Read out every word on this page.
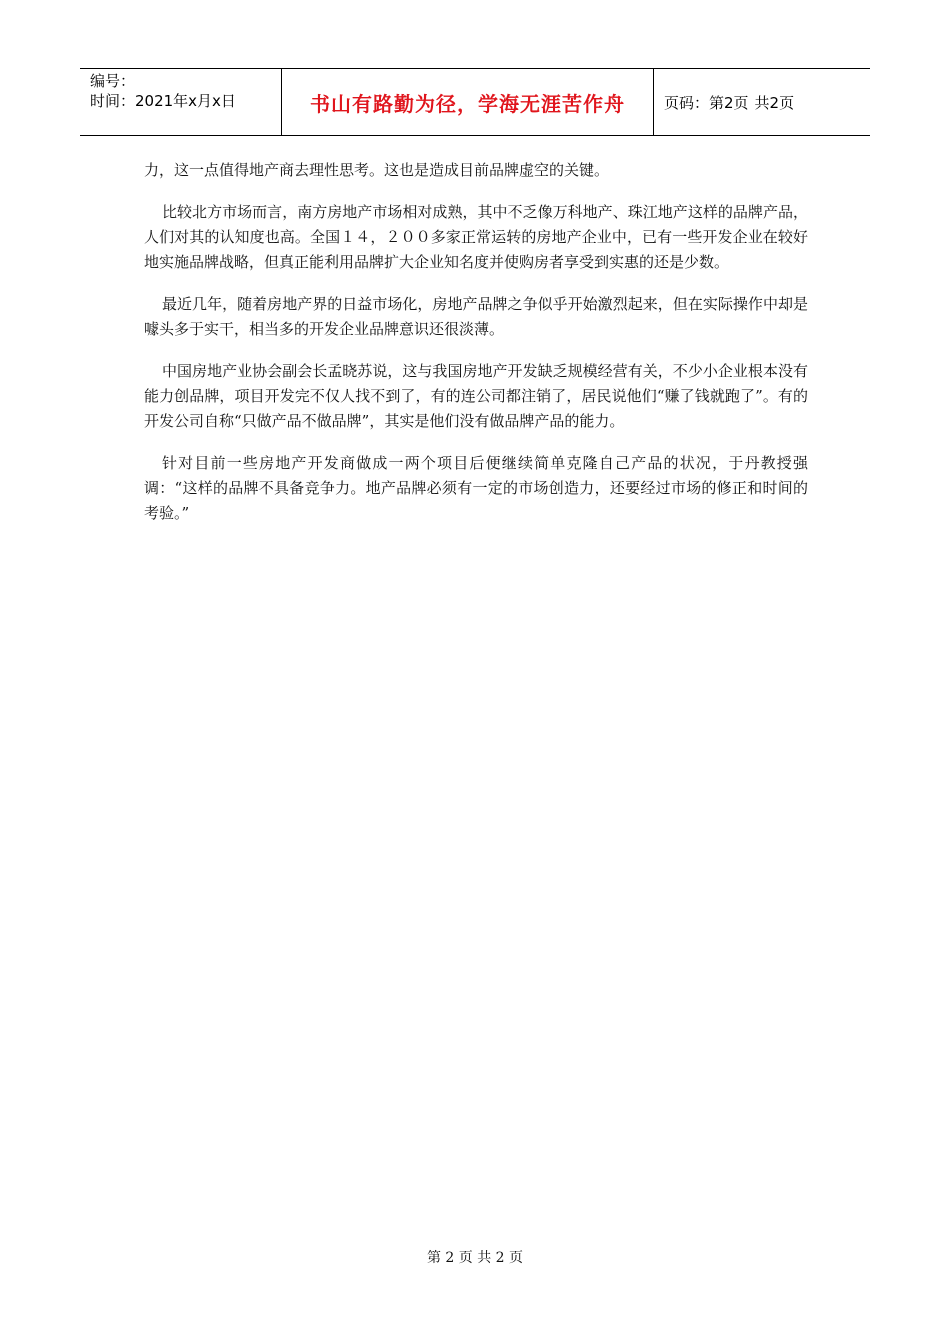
编号：
时间：2021年x月x日	书山有路勤为径，学海无涯苦作舟	页码：第2页 共2页

力，这一点值得地产商去理性思考。这也是造成目前品牌虚空的关键。

比较北方市场而言，南方房地产市场相对成熟，其中不乏像万科地产、珠江地产这样的品牌产品，人们对其的认知度也高。全国１４，２００多家正常运转的房地产企业中，已有一些开发企业在较好地实施品牌战略，但真正能利用品牌扩大企业知名度并使购房者享受到实惠的还是少数。

最近几年，随着房地产界的日益市场化，房地产品牌之争似乎开始激烈起来，但在实际操作中却是噱头多于实干，相当多的开发企业品牌意识还很淡薄。

中国房地产业协会副会长孟晓苏说，这与我国房地产开发缺乏规模经营有关，不少小企业根本没有能力创品牌，项目开发完不仅人找不到了，有的连公司都注销了，居民说他们“赚了钱就跑了”。有的开发公司自称“只做产品不做品牌”，其实是他们没有做品牌产品的能力。

针对目前一些房地产开发商做成一两个项目后便继续简单克隆自己产品的状况，于丹教授强调：“这样的品牌不具备竞争力。地产品牌必须有一定的市场创造力，还要经过市场的修正和时间的考验。”

第 2 页 共 2 页
